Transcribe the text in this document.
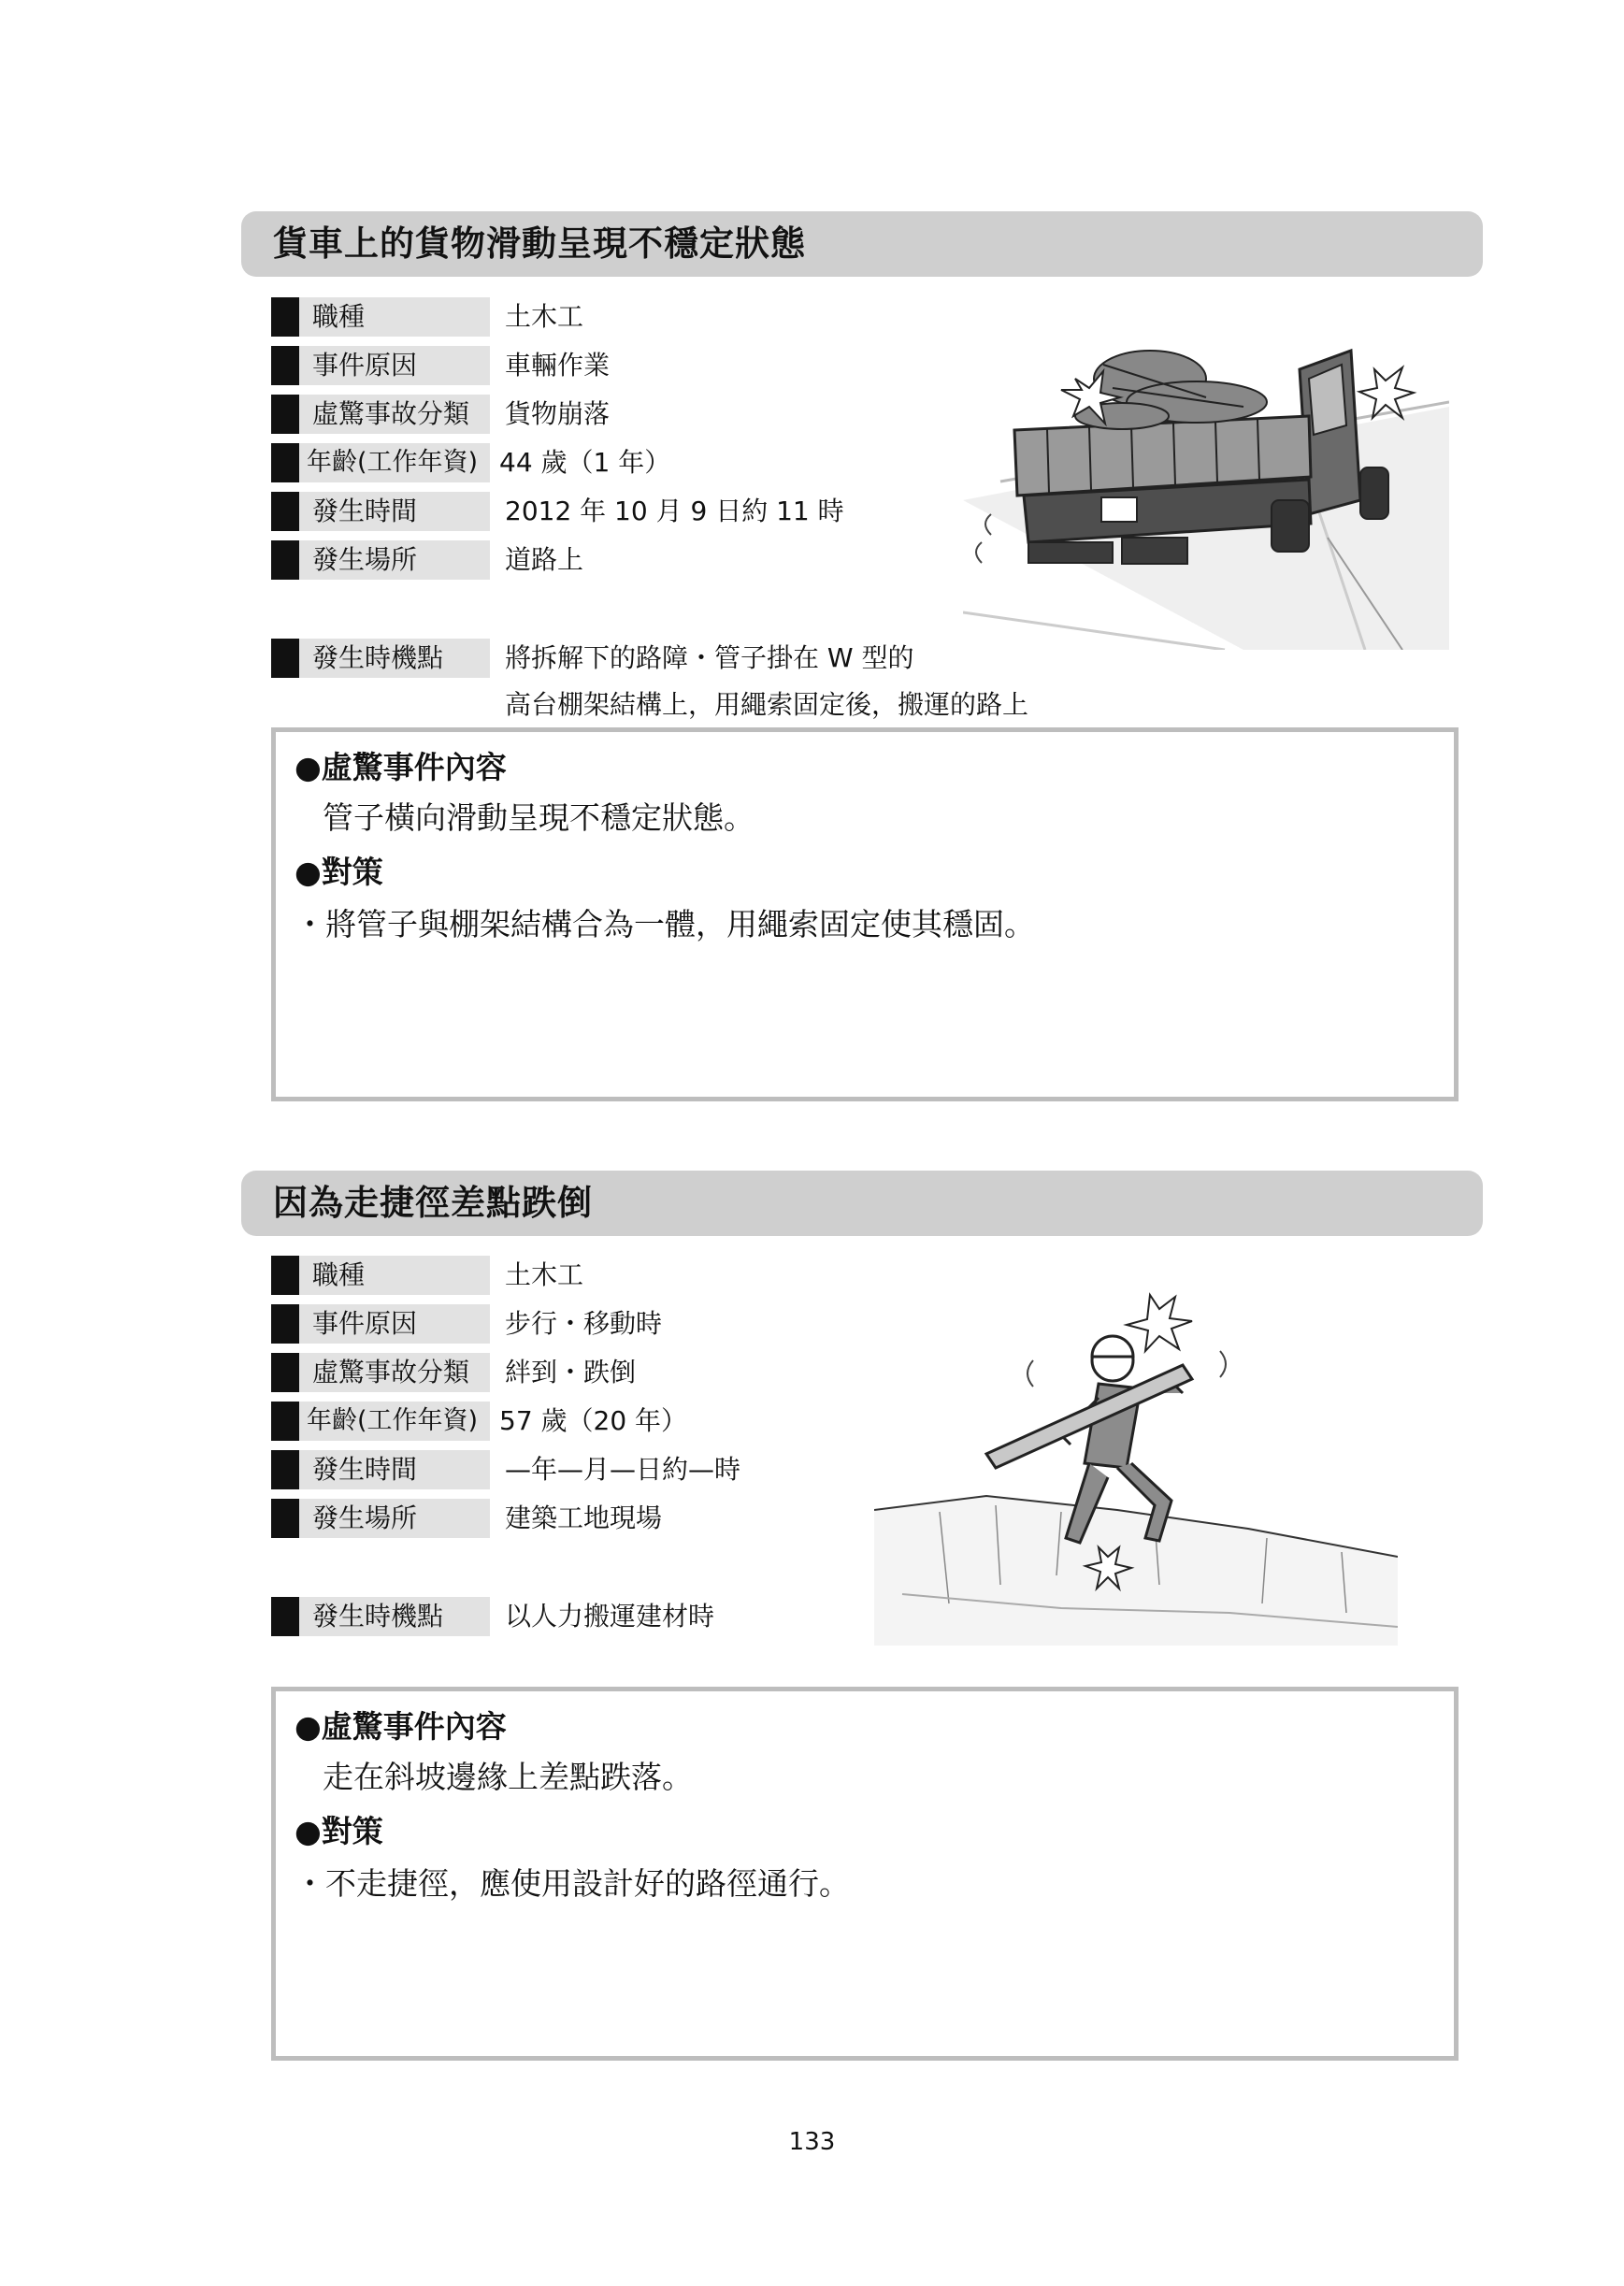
貨車上的貨物滑動呈現不穩定狀態
職種	土木工
事件原因	車輛作業
虛驚事故分類	貨物崩落
年齡(工作年資) 44 歲（1 年）
發生時間	2012 年 10 月 9 日約 11 時
發生場所	道路上
發生時機點	將拆解下的路障・管子掛在 W 型的
高台棚架結構上，用繩索固定後，搬運的路上
●虛驚事件內容
管子橫向滑動呈現不穩定狀態。
●對策
・將管子與棚架結構合為一體，用繩索固定使其穩固。
因為走捷徑差點跌倒
職種	土木工
事件原因	步行・移動時
虛驚事故分類	絆到・跌倒
年齡(工作年資) 57 歲（20 年）
發生時間	—年—月—日約—時
發生場所	建築工地現場
發生時機點	以人力搬運建材時
●虛驚事件內容
走在斜坡邊緣上差點跌落。
●對策
・不走捷徑，應使用設計好的路徑通行。
133
